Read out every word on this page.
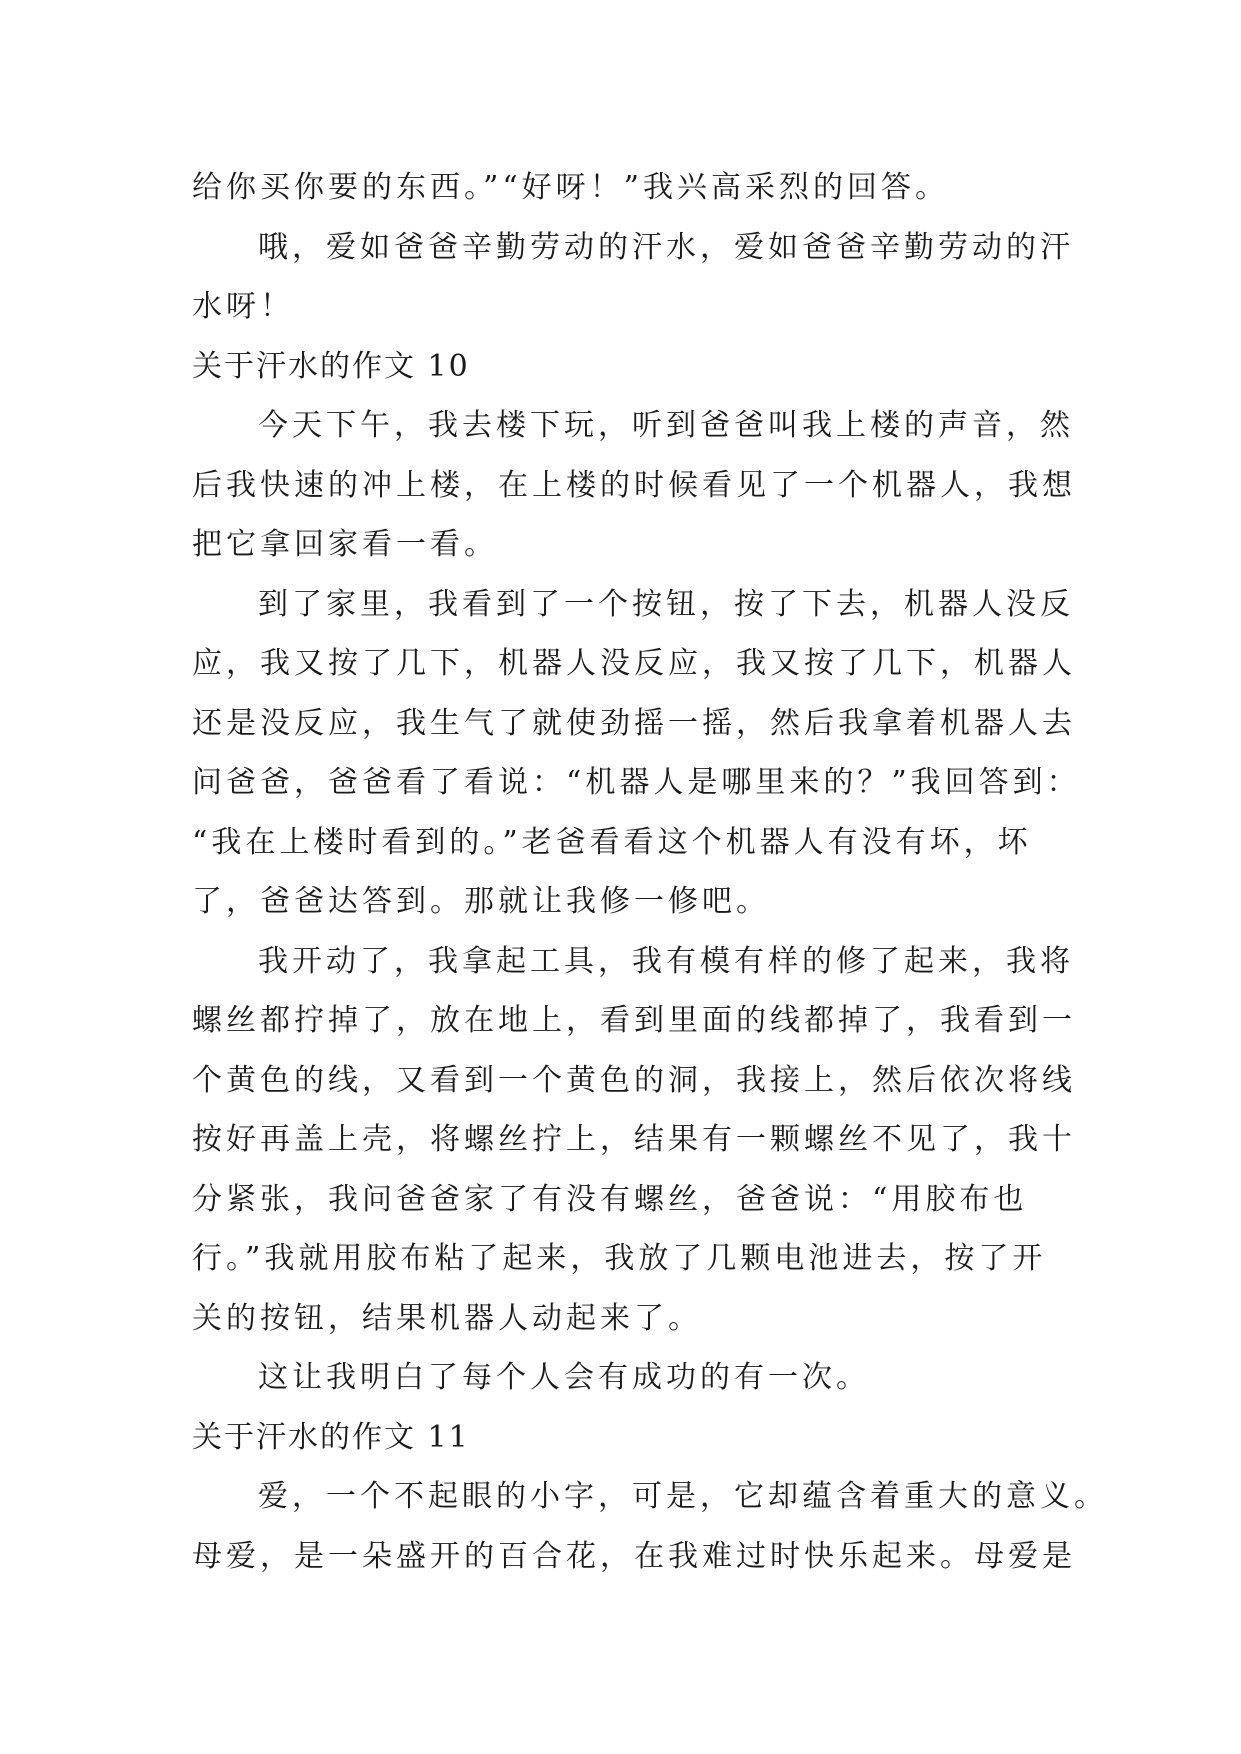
给你买你要的东西。”“好呀！”我兴高采烈的回答。
哦，爱如爸爸辛勤劳动的汗水，爱如爸爸辛勤劳动的汗
水呀！
关于汗水的作文 10
今天下午，我去楼下玩，听到爸爸叫我上楼的声音，然
后我快速的冲上楼，在上楼的时候看见了一个机器人，我想
把它拿回家看一看。
到了家里，我看到了一个按钮，按了下去，机器人没反
应，我又按了几下，机器人没反应，我又按了几下，机器人
还是没反应，我生气了就使劲摇一摇，然后我拿着机器人去
问爸爸，爸爸看了看说：“机器人是哪里来的？”我回答到：
“我在上楼时看到的。”老爸看看这个机器人有没有坏，坏
了，爸爸达答到。那就让我修一修吧。
我开动了，我拿起工具，我有模有样的修了起来，我将
螺丝都拧掉了，放在地上，看到里面的线都掉了，我看到一
个黄色的线，又看到一个黄色的洞，我接上，然后依次将线
按好再盖上壳，将螺丝拧上，结果有一颗螺丝不见了，我十
分紧张，我问爸爸家了有没有螺丝，爸爸说：“用胶布也
行。”我就用胶布粘了起来，我放了几颗电池进去，按了开
关的按钮，结果机器人动起来了。
这让我明白了每个人会有成功的有一次。
关于汗水的作文 11
爱，一个不起眼的小字，可是，它却蕴含着重大的意义。
母爱，是一朵盛开的百合花，在我难过时快乐起来。母爱是
